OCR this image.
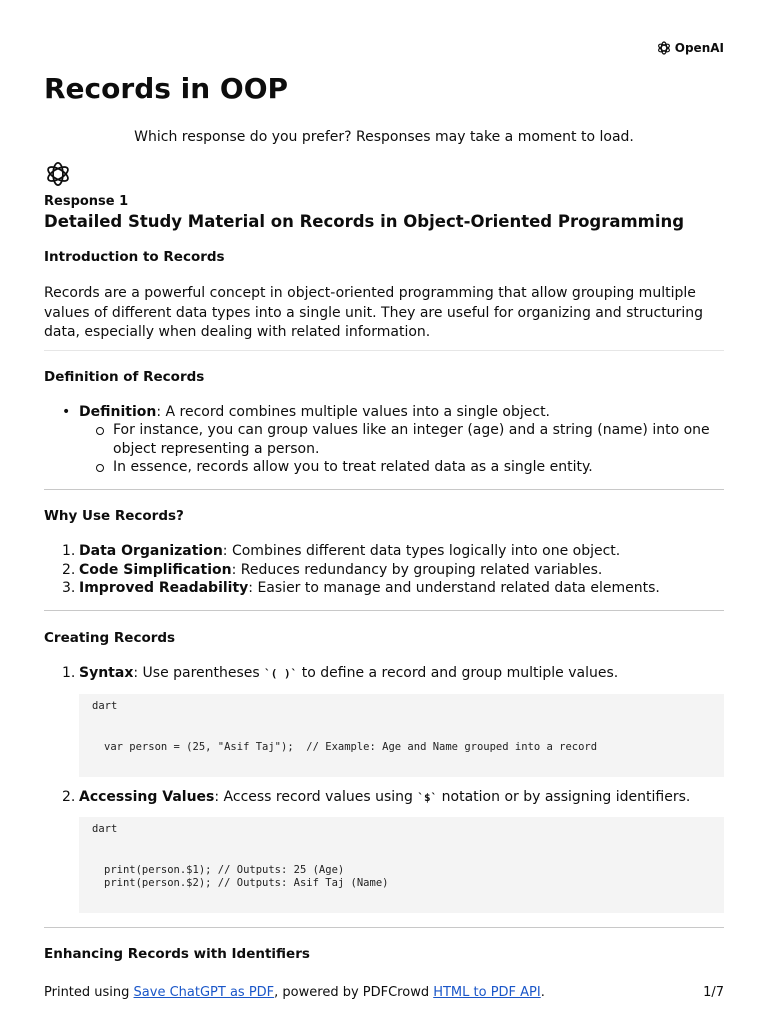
OpenAI
Records in OOP
Which response do you prefer? Responses may take a moment to load.
Response 1
Detailed Study Material on Records in Object-Oriented Programming
Introduction to Records
Records are a powerful concept in object-oriented programming that allow grouping multiple values of different data types into a single unit. They are useful for organizing and structuring data, especially when dealing with related information.
Definition of Records
• Definition: A record combines multiple values into a single object.
For instance, you can group values like an integer (age) and a string (name) into one object representing a person.
In essence, records allow you to treat related data as a single entity.
Why Use Records?
1. Data Organization: Combines different data types logically into one object.
2. Code Simplification: Reduces redundancy by grouping related variables.
3. Improved Readability: Easier to manage and understand related data elements.
Creating Records
1. Syntax: Use parentheses `( )` to define a record and group multiple values.
dart
var person = (25, "Asif Taj");  // Example: Age and Name grouped into a record
2. Accessing Values: Access record values using `$` notation or by assigning identifiers.
dart
print(person.$1); // Outputs: 25 (Age)
print(person.$2); // Outputs: Asif Taj (Name)
Enhancing Records with Identifiers
Printed using Save ChatGPT as PDF, powered by PDFCrowd HTML to PDF API.	1/7
